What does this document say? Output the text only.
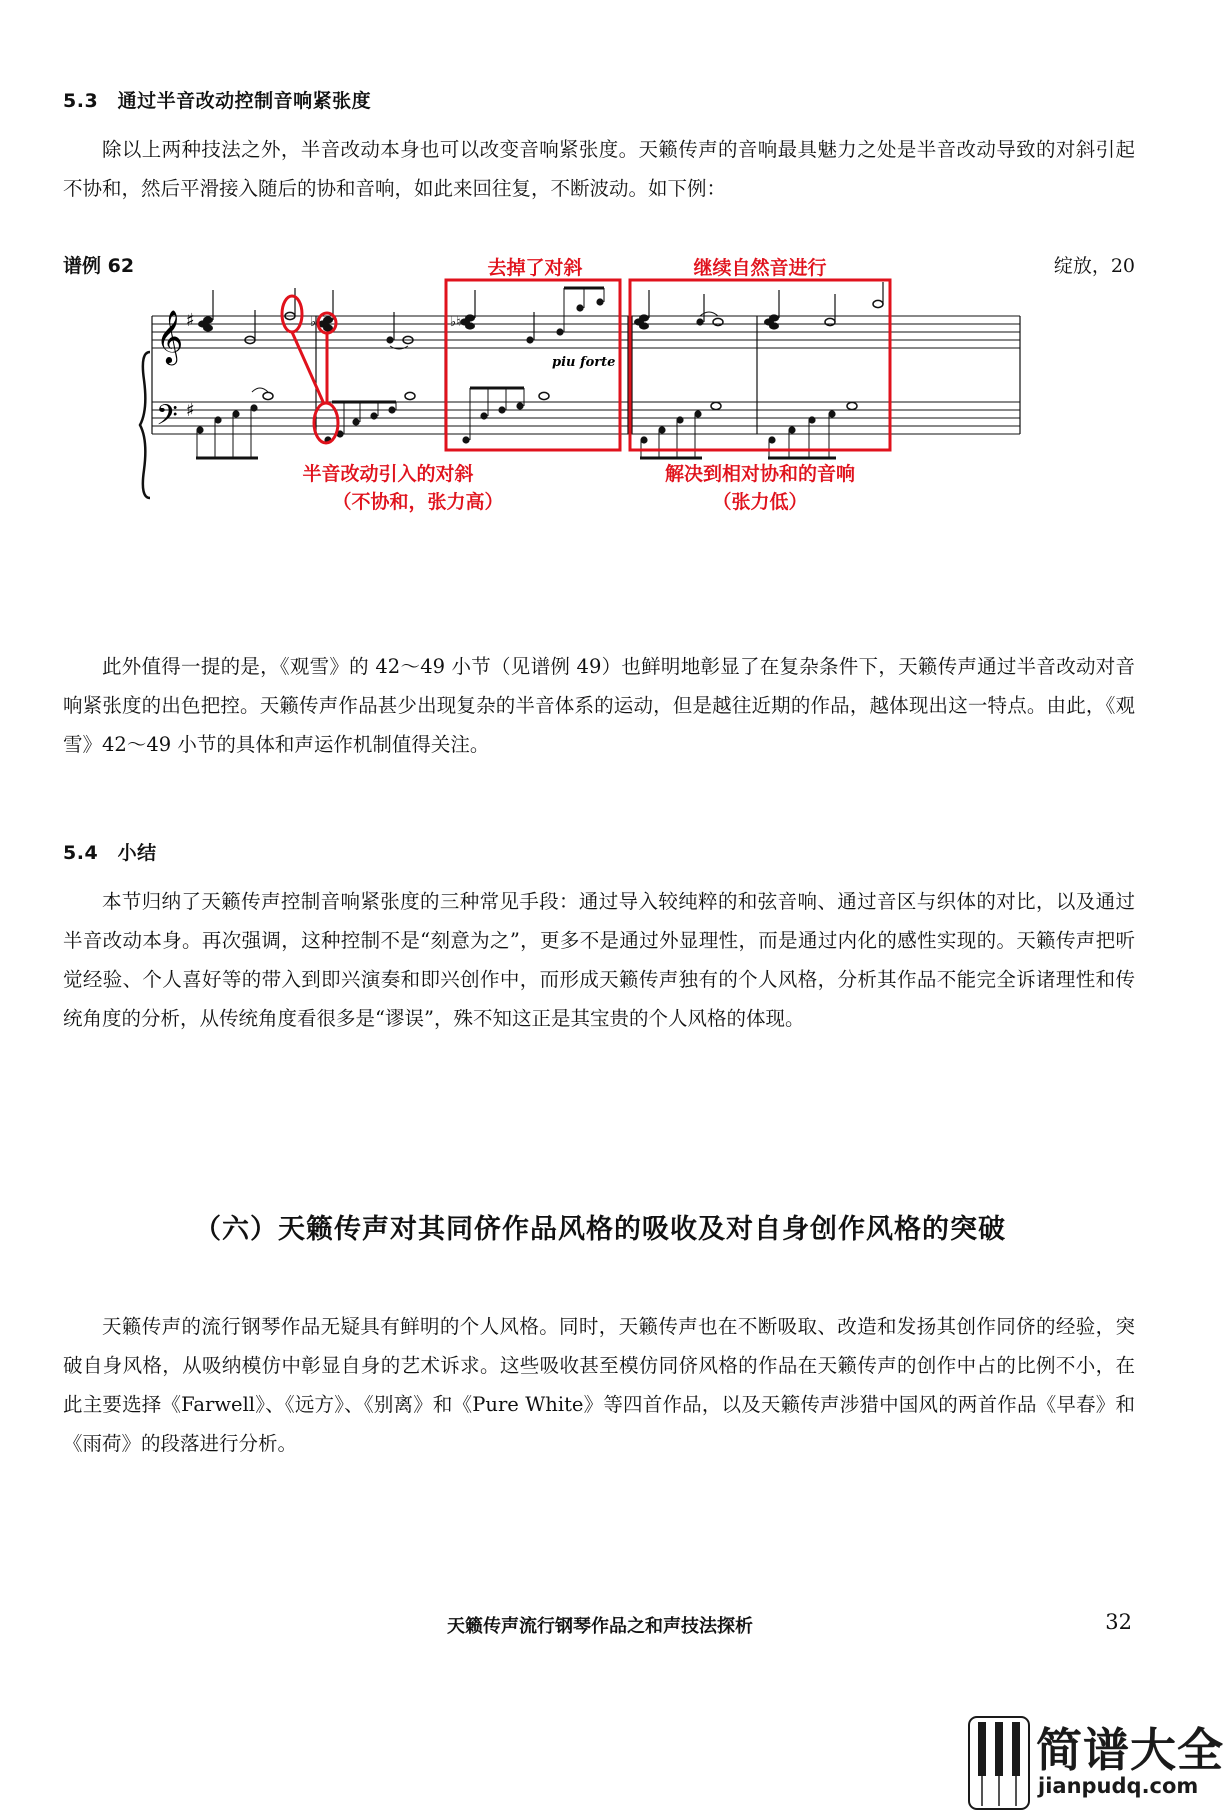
5.3　通过半音改动控制音响紧张度

除以上两种技法之外，半音改动本身也可以改变音响紧张度。天籁传声的音响最具魅力之处是半音改动导致的对斜引起不协和，然后平滑接入随后的协和音响，如此来回往复，不断波动。如下例：

谱例 62	绽放，20
𝄞
𝄢
♯
♯
♭♮	♭♮
piu forte
去掉了对斜	继续自然音进行
半音改动引入的对斜
（不协和，张力高）
解决到相对协和的音响
（张力低）

此外值得一提的是，《观雪》的 42～49 小节（见谱例 49）也鲜明地彰显了在复杂条件下，天籁传声通过半音改动对音响紧张度的出色把控。天籁传声作品甚少出现复杂的半音体系的运动，但是越往近期的作品，越体现出这一特点。由此，《观雪》42～49 小节的具体和声运作机制值得关注。

5.4　小结

本节归纳了天籁传声控制音响紧张度的三种常见手段：通过导入较纯粹的和弦音响、通过音区与织体的对比，以及通过半音改动本身。再次强调，这种控制不是“刻意为之”，更多不是通过外显理性，而是通过内化的感性实现的。天籁传声把听觉经验、个人喜好等的带入到即兴演奏和即兴创作中，而形成天籁传声独有的个人风格，分析其作品不能完全诉诸理性和传统角度的分析，从传统角度看很多是“谬误”，殊不知这正是其宝贵的个人风格的体现。

（六）天籁传声对其同侪作品风格的吸收及对自身创作风格的突破

天籁传声的流行钢琴作品无疑具有鲜明的个人风格。同时，天籁传声也在不断吸取、改造和发扬其创作同侪的经验，突破自身风格，从吸纳模仿中彰显自身的艺术诉求。这些吸收甚至模仿同侪风格的作品在天籁传声的创作中占的比例不小，在此主要选择《Farwell》、《远方》、《别离》和《Pure White》等四首作品，以及天籁传声涉猎中国风的两首作品《早春》和《雨荷》的段落进行分析。

天籁传声流行钢琴作品之和声技法探析	32
简谱大全
jianpudq.com
